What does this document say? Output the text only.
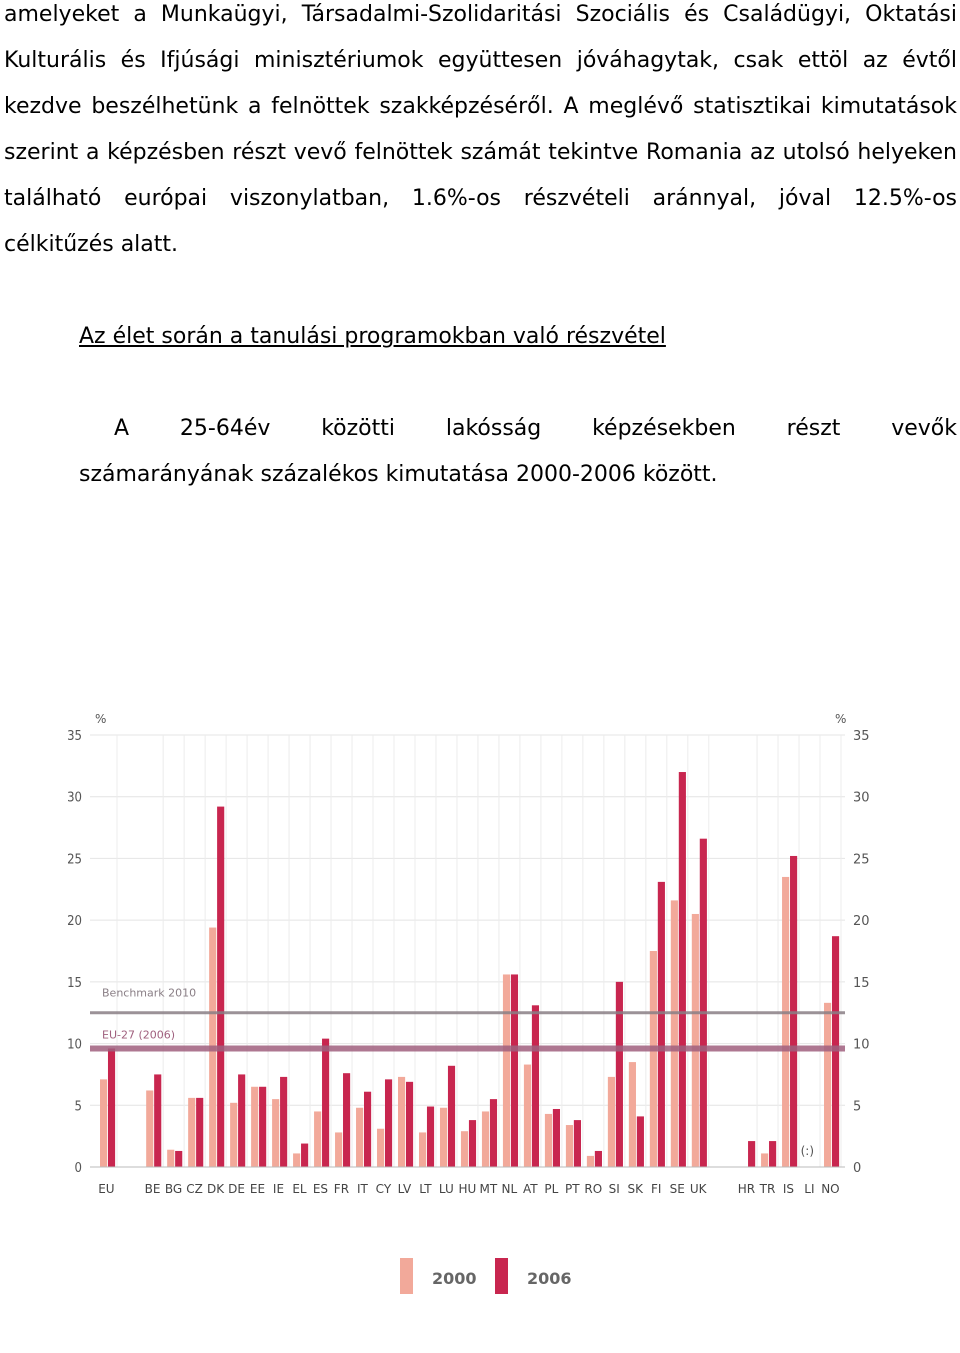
amelyeket a Munkaügyi, Társadalmi-Szolidaritási Szociális és Családügyi, Oktatási Kulturális és Ifjúsági minisztériumok együttesen jóváhagytak, csak ettöl az évtől kezdve beszélhetünk a felnöttek szakképzéséről. A meglévő statisztikai kimutatások szerint a képzésben részt vevő felnöttek számát tekintve Romania az utolsó helyeken található európai viszonylatban, 1.6%-os részvételi aránnyal, jóval 12.5%-os célkitűzés alatt.
Az élet során a tanulási programokban való részvétel
A 25-64év közötti lakósság képzésekben részt vevők
számarányának százalékos kimutatása 2000-2006 között.
0	0
5	5
10	10
15	15
20	20
25	25
30	30
35	35
%	%
EU	BE BG CZ DK DE EE IE EL ES FR IT CY LV LT LU HU MT NL AT PL PT RO SI SK FI SE UK	HR TR IS LI NO
Benchmark 2010
EU-27 (2006)
(:)
2000	2006
